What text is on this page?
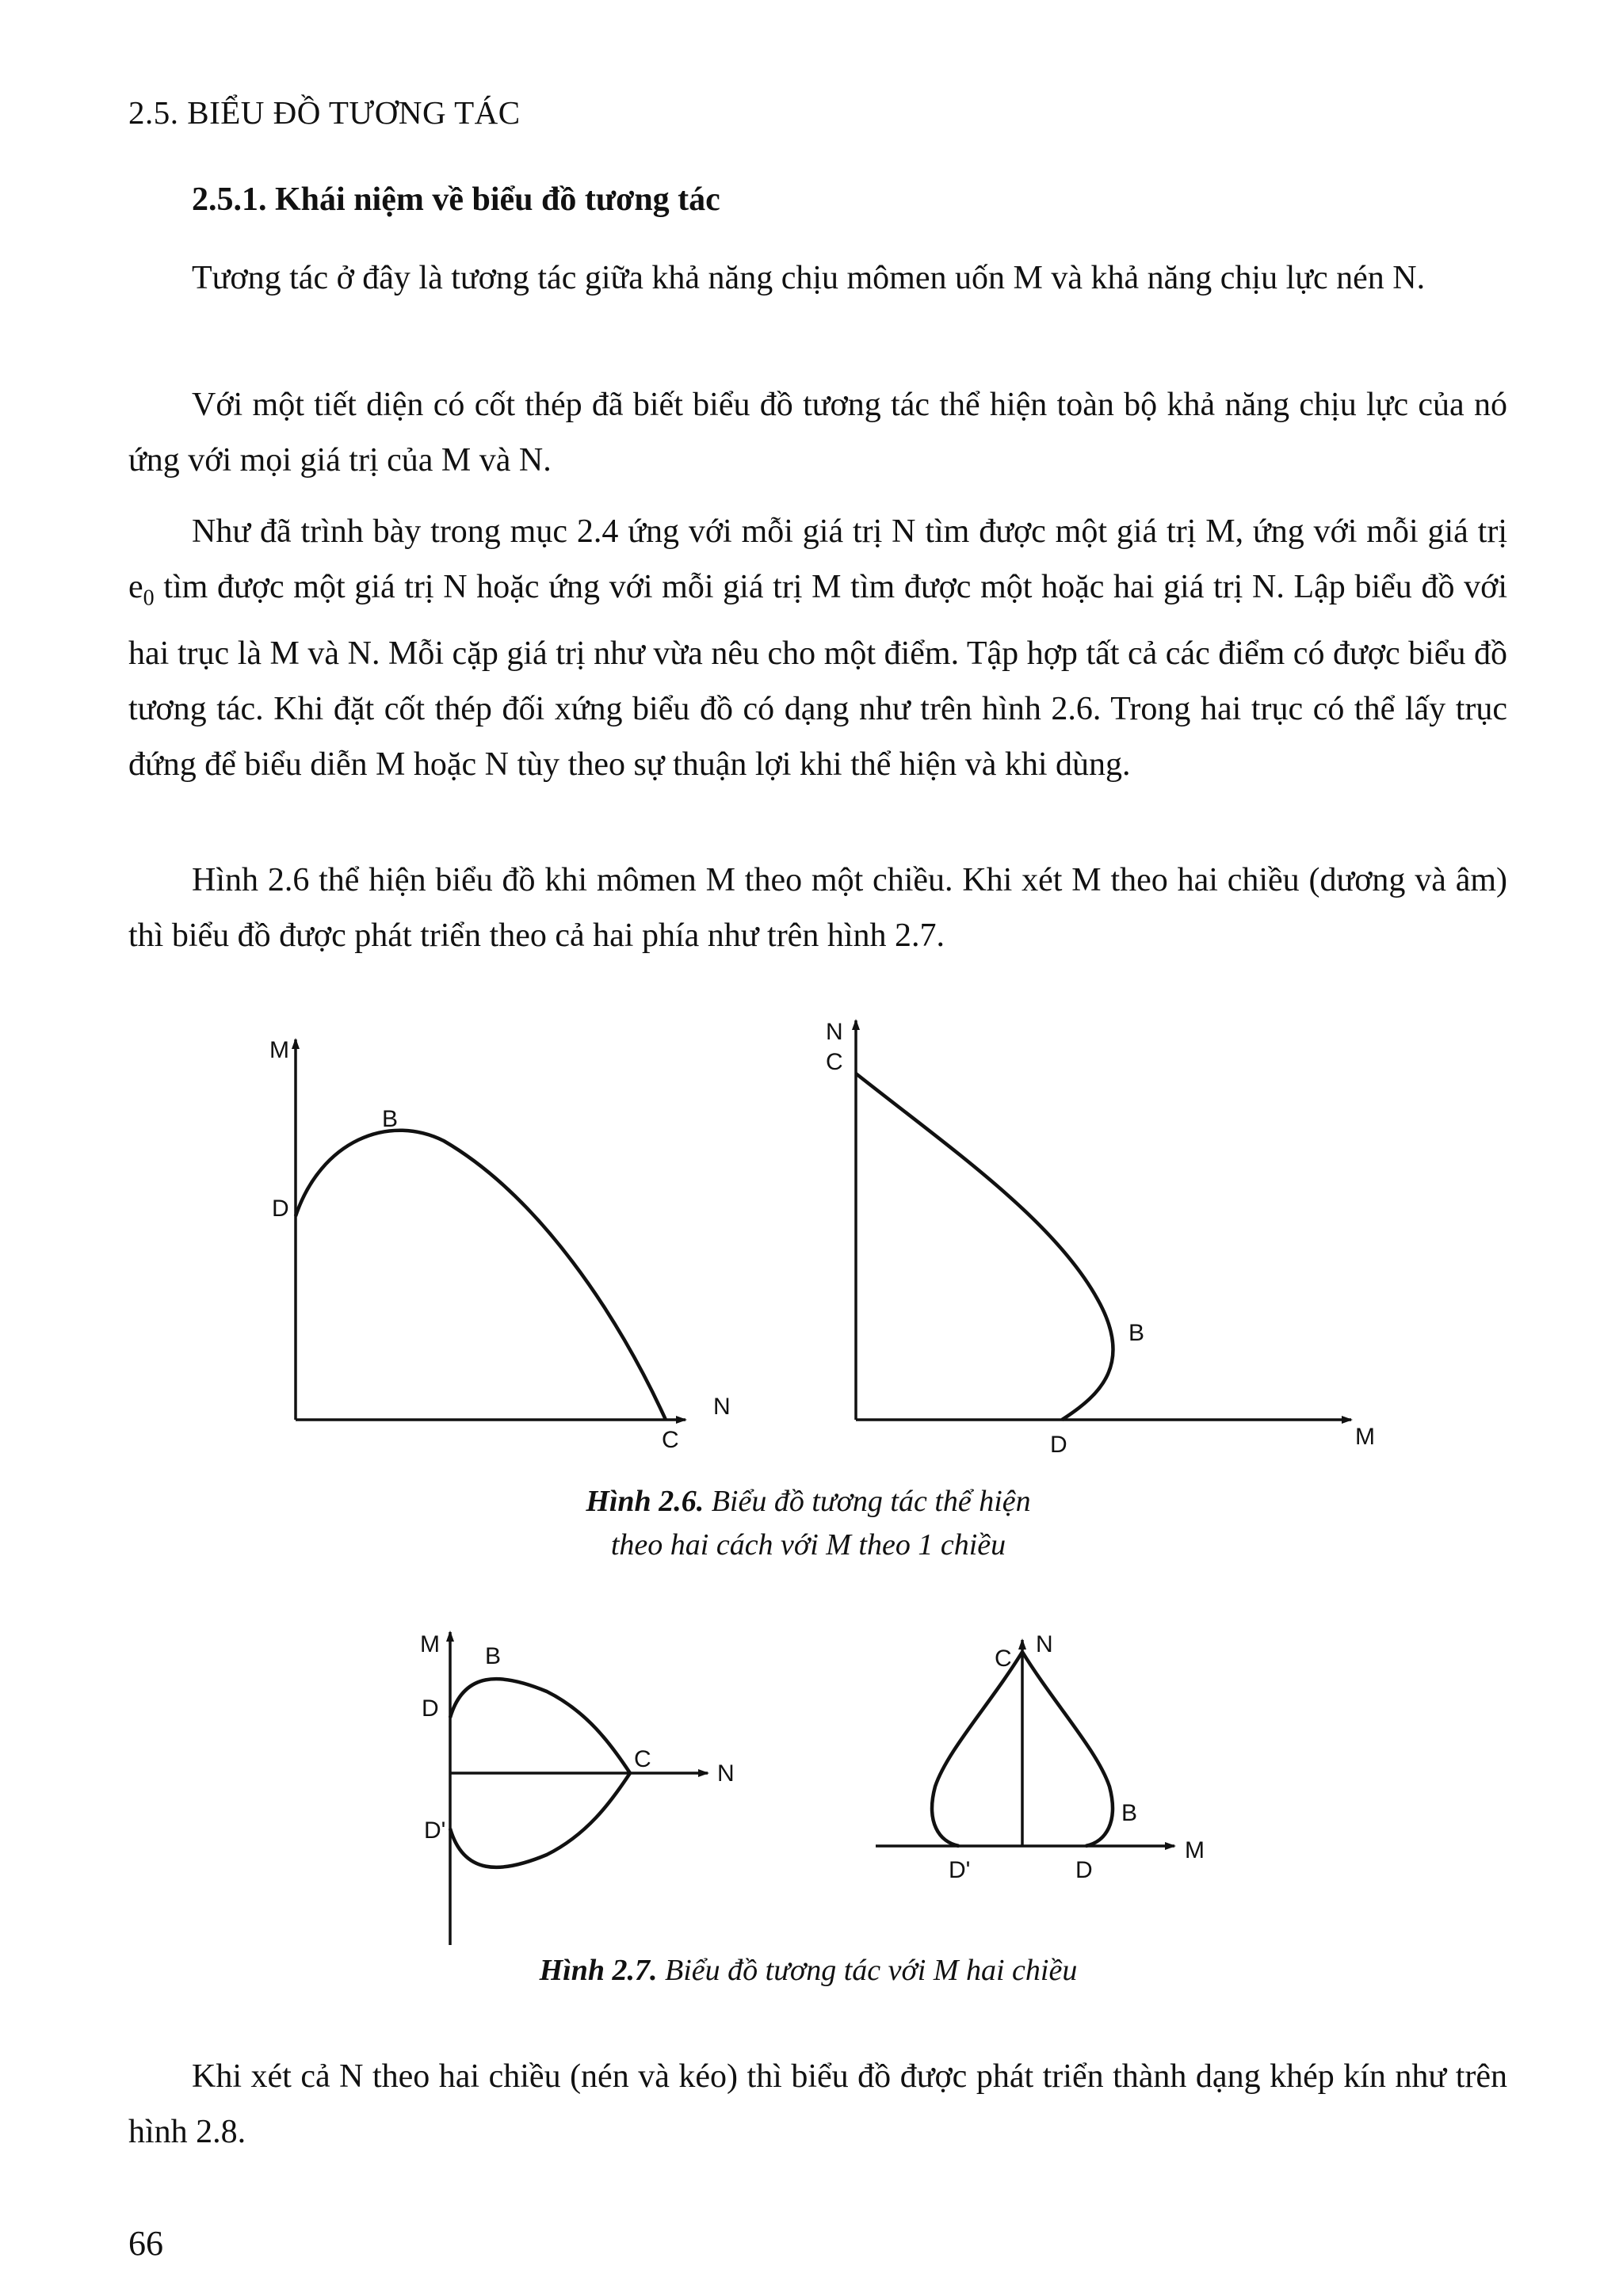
2.5. BIỂU ĐỒ TƯƠNG TÁC
2.5.1. Khái niệm về biểu đồ tương tác
Tương tác ở đây là tương tác giữa khả năng chịu mômen uốn M và khả năng chịu lực nén N.
Với một tiết diện có cốt thép đã biết biểu đồ tương tác thể hiện toàn bộ khả năng chịu lực của nó ứng với mọi giá trị của M và N.
Như đã trình bày trong mục 2.4 ứng với mỗi giá trị N tìm được một giá trị M, ứng với mỗi giá trị $e_0$ tìm được một giá trị N hoặc ứng với mỗi giá trị M tìm được một hoặc hai giá trị N. Lập biểu đồ với hai trục là M và N. Mỗi cặp giá trị như vừa nêu cho một điểm. Tập hợp tất cả các điểm có được biểu đồ tương tác. Khi đặt cốt thép đối xứng biểu đồ có dạng như trên hình 2.6. Trong hai trục có thể lấy trục đứng để biểu diễn M hoặc N tùy theo sự thuận lợi khi thể hiện và khi dùng.
Hình 2.6 thể hiện biểu đồ khi mômen M theo một chiều. Khi xét M theo hai chiều (dương và âm) thì biểu đồ được phát triển theo cả hai phía như trên hình 2.7.
M
N
B
D
C
N
C
B
D	M
M B
D
D'
C
N
C
N
B
D'	D
M
Hình 2.6. Biểu đồ tương tác thể hiện
theo hai cách với M theo 1 chiều
Hình 2.7. Biểu đồ tương tác với M hai chiều
Khi xét cả N theo hai chiều (nén và kéo) thì biểu đồ được phát triển thành dạng khép kín như trên hình 2.8.
66
